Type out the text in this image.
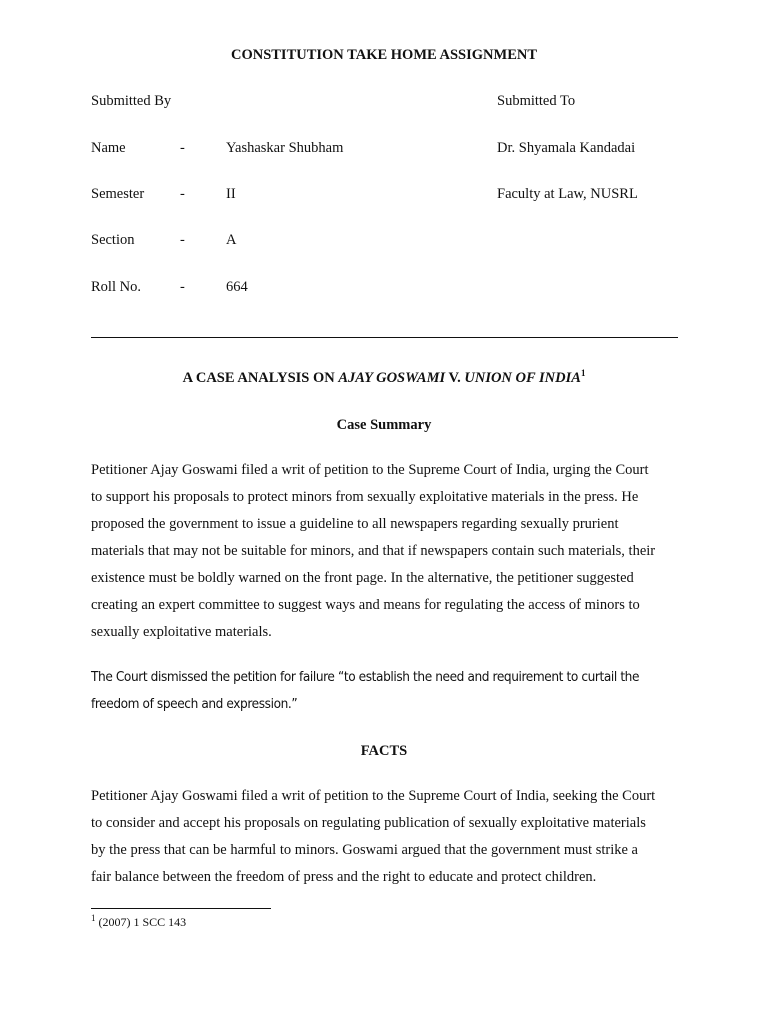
CONSTITUTION TAKE HOME ASSIGNMENT
Submitted By	Submitted To
Name	-	Yashaskar Shubham	Dr. Shyamala Kandadai
Semester -	II	Faculty at Law, NUSRL
Section	-	A
Roll No.	-	664
A CASE ANALYSIS ON AJAY GOSWAMI V. UNION OF INDIA$^1$
Case Summary
Petitioner Ajay Goswami filed a writ of petition to the Supreme Court of India, urging the Court
to support his proposals to protect minors from sexually exploitative materials in the press. He
proposed the government to issue a guideline to all newspapers regarding sexually prurient
materials that may not be suitable for minors, and that if newspapers contain such materials, their
existence must be boldly warned on the front page. In the alternative, the petitioner suggested
creating an expert committee to suggest ways and means for regulating the access of minors to
sexually exploitative materials.
The Court dismissed the petition for failure “to establish the need and requirement to curtail the
freedom of speech and expression.”
FACTS
Petitioner Ajay Goswami filed a writ of petition to the Supreme Court of India, seeking the Court
to consider and accept his proposals on regulating publication of sexually exploitative materials
by the press that can be harmful to minors. Goswami argued that the government must strike a
fair balance between the freedom of press and the right to educate and protect children.
$^1$ (2007) 1 SCC 143
